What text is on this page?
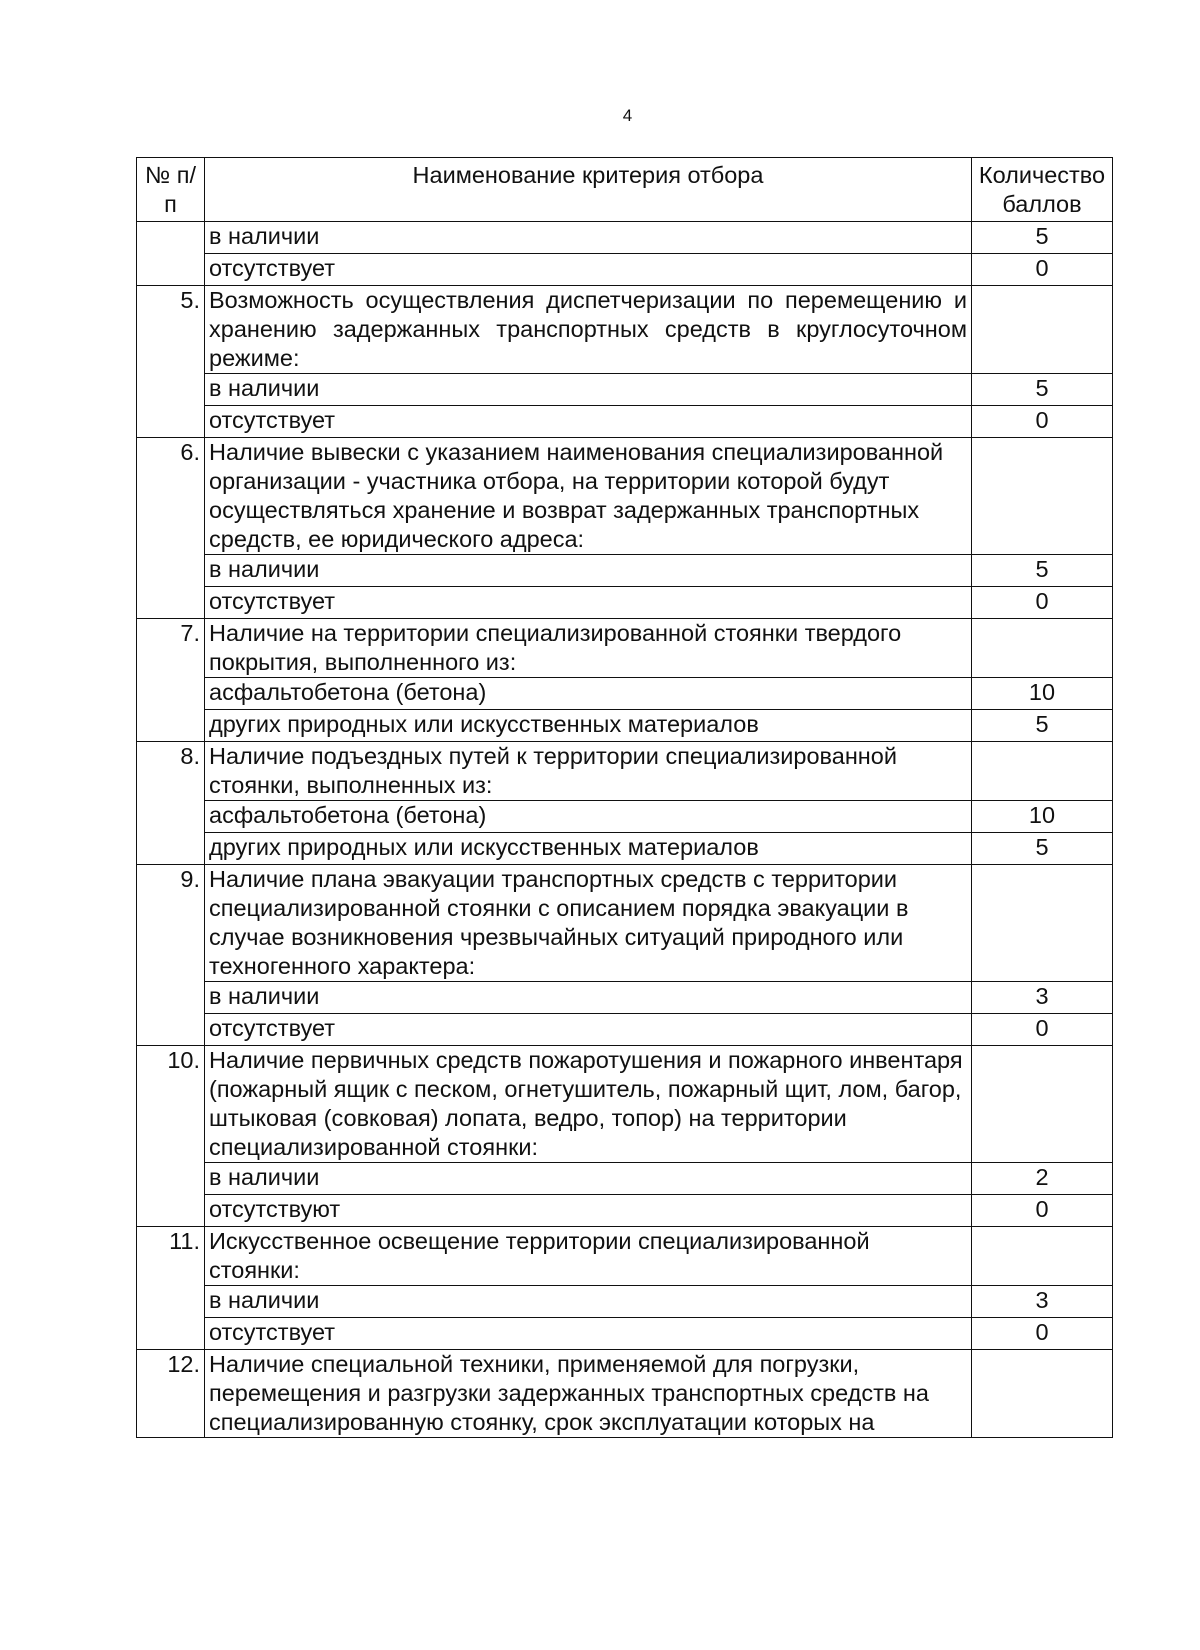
4
№ п/п	Наименование критерия отбора	Количество баллов
	в наличии	5
	отсутствует	0
5.	Возможность осуществления диспетчеризации по перемещению и хранению задержанных транспортных средств в круглосуточном режиме:	
	в наличии	5
	отсутствует	0
6.	Наличие вывески с указанием наименования специализированной организации - участника отбора, на территории которой будут осуществляться хранение и возврат задержанных транспортных средств, ее юридического адреса:	
	в наличии	5
	отсутствует	0
7.	Наличие на территории специализированной стоянки твердого покрытия, выполненного из:	
	асфальтобетона (бетона)	10
	других природных или искусственных материалов	5
8.	Наличие подъездных путей к территории специализированной стоянки, выполненных из:	
	асфальтобетона (бетона)	10
	других природных или искусственных материалов	5
9.	Наличие плана эвакуации транспортных средств с территории специализированной стоянки с описанием порядка эвакуации в случае возникновения чрезвычайных ситуаций природного или техногенного характера:	
	в наличии	3
	отсутствует	0
10.	Наличие первичных средств пожаротушения и пожарного инвентаря (пожарный ящик с песком, огнетушитель, пожарный щит, лом, багор, штыковая (совковая) лопата, ведро, топор) на территории специализированной стоянки:	
	в наличии	2
	отсутствуют	0
11.	Искусственное освещение территории специализированной стоянки:	
	в наличии	3
	отсутствует	0
12.	Наличие специальной техники, применяемой для погрузки, перемещения и разгрузки задержанных транспортных средств на специализированную стоянку, срок эксплуатации которых на	
